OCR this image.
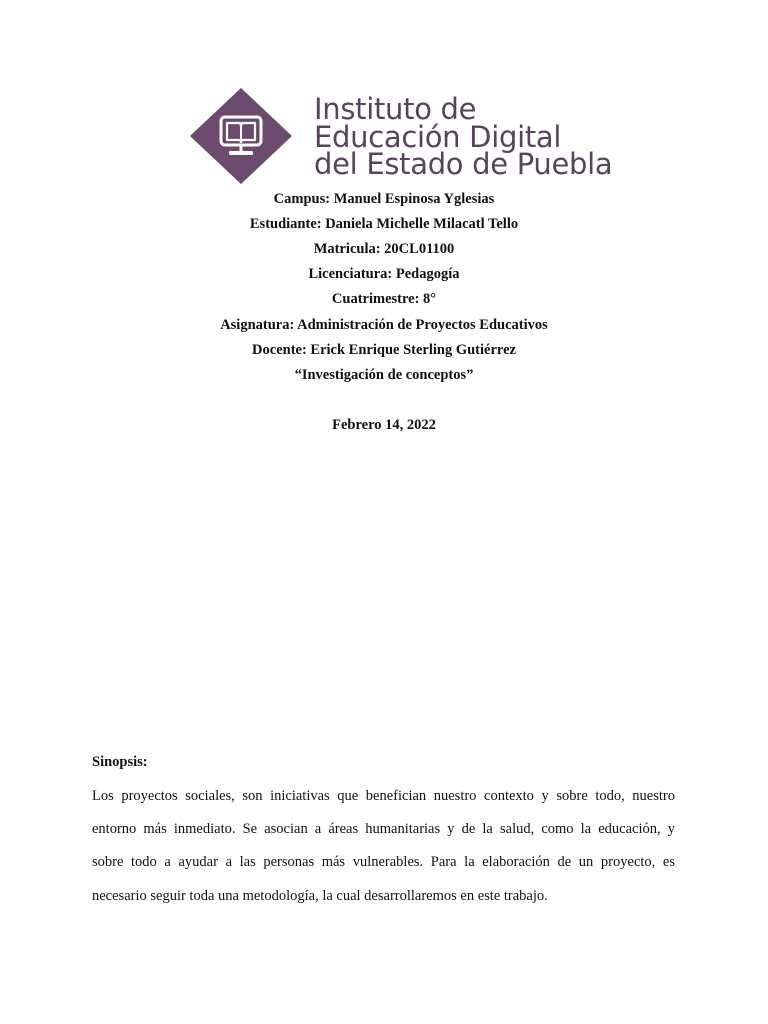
Instituto de
Educación Digital
del Estado de Puebla
Campus: Manuel Espinosa Yglesias
Estudiante: Daniela Michelle Milacatl Tello
Matricula: 20CL01100
Licenciatura: Pedagogía
Cuatrimestre: 8°
Asignatura: Administración de Proyectos Educativos
Docente: Erick Enrique Sterling Gutiérrez
“Investigación de conceptos”
Febrero 14, 2022
Sinopsis:
Los proyectos sociales, son iniciativas que benefician nuestro contexto y sobre todo, nuestro
entorno más inmediato. Se asocian a áreas humanitarias y de la salud, como la educación, y
sobre todo a ayudar a las personas más vulnerables. Para la elaboración de un proyecto, es
necesario seguir toda una metodología, la cual desarrollaremos en este trabajo.
